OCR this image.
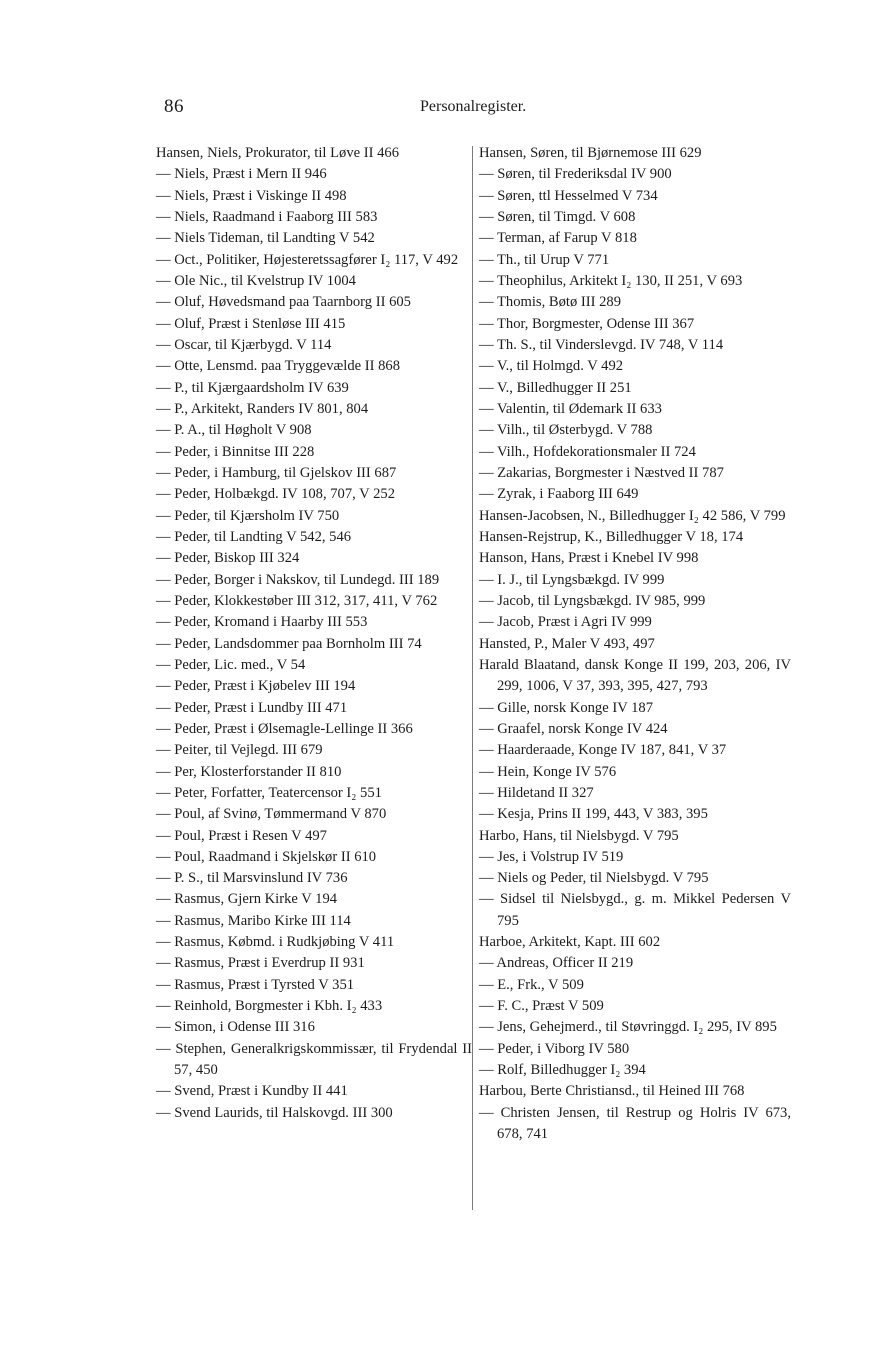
86	Personalregister.
Hansen, Niels, Prokurator, til Løve II 466
— Niels, Præst i Mern II 946
— Niels, Præst i Viskinge II 498
— Niels, Raadmand i Faaborg III 583
— Niels Tideman, til Landting V 542
— Oct., Politiker, Højesteretssagfører I₂ 117, V 492
— Ole Nic., til Kvelstrup IV 1004
— Oluf, Høvedsmand paa Taarnborg II 605
— Oluf, Præst i Stenløse III 415
— Oscar, til Kjærbygd. V 114
— Otte, Lensmd. paa Tryggevælde II 868
— P., til Kjærgaardsholm IV 639
— P., Arkitekt, Randers IV 801, 804
— P. A., til Høgholt V 908
— Peder, i Binnitse III 228
— Peder, i Hamburg, til Gjelskov III 687
— Peder, Holbækgd. IV 108, 707, V 252
— Peder, til Kjærsholm IV 750
— Peder, til Landting V 542, 546
— Peder, Biskop III 324
— Peder, Borger i Nakskov, til Lundegd. III 189
— Peder, Klokkestøber III 312, 317, 411, V 762
— Peder, Kromand i Haarby III 553
— Peder, Landsdommer paa Bornholm III 74
— Peder, Lic. med., V 54
— Peder, Præst i Kjøbelev III 194
— Peder, Præst i Lundby III 471
— Peder, Præst i Ølsemagle-Lellinge II 366
— Peiter, til Vejlegd. III 679
— Per, Klosterforstander II 810
— Peter, Forfatter, Teatercensor I₂ 551
— Poul, af Svinø, Tømmermand V 870
— Poul, Præst i Resen V 497
— Poul, Raadmand i Skjelskør II 610
— P. S., til Marsvinslund IV 736
— Rasmus, Gjern Kirke V 194
— Rasmus, Maribo Kirke III 114
— Rasmus, Købmd. i Rudkjøbing V 411
— Rasmus, Præst i Everdrup II 931
— Rasmus, Præst i Tyrsted V 351
— Reinhold, Borgmester i Kbh. I₂ 433
— Simon, i Odense III 316
— Stephen, Generalkrigskommissær, til Frydendal II 57, 450
— Svend, Præst i Kundby II 441
— Svend Laurids, til Halskovgd. III 300
Hansen, Søren, til Bjørnemose III 629
— Søren, til Frederiksdal IV 900
— Søren, ttl Hesselmed V 734
— Søren, til Timgd. V 608
— Terman, af Farup V 818
— Th., til Urup V 771
— Theophilus, Arkitekt I₂ 130, II 251, V 693
— Thomis, Bøtø III 289
— Thor, Borgmester, Odense III 367
— Th. S., til Vinderslevgd. IV 748, V 114
— V., til Holmgd. V 492
— V., Billedhugger II 251
— Valentin, til Ødemark II 633
— Vilh., til Østerbygd. V 788
— Vilh., Hofdekorationsmaler II 724
— Zakarias, Borgmester i Næstved II 787
— Zyrak, i Faaborg III 649
Hansen-Jacobsen, N., Billedhugger I₂ 42 586, V 799
Hansen-Rejstrup, K., Billedhugger V 18, 174
Hanson, Hans, Præst i Knebel IV 998
— I. J., til Lyngsbækgd. IV 999
— Jacob, til Lyngsbækgd. IV 985, 999
— Jacob, Præst i Agri IV 999
Hansted, P., Maler V 493, 497
Harald Blaatand, dansk Konge II 199, 203, 206, IV 299, 1006, V 37, 393, 395, 427, 793
— Gille, norsk Konge IV 187
— Graafel, norsk Konge IV 424
— Haarderaade, Konge IV 187, 841, V 37
— Hein, Konge IV 576
— Hildetand II 327
— Kesja, Prins II 199, 443, V 383, 395
Harbo, Hans, til Nielsbygd. V 795
— Jes, i Volstrup IV 519
— Niels og Peder, til Nielsbygd. V 795
— Sidsel til Nielsbygd., g. m. Mikkel Pedersen V 795
Harboe, Arkitekt, Kapt. III 602
— Andreas, Officer II 219
— E., Frk., V 509
— F. C., Præst V 509
— Jens, Gehejmerd., til Støvringgd. I₂ 295, IV 895
— Peder, i Viborg IV 580
— Rolf, Billedhugger I₂ 394
Harbou, Berte Christiansd., til Heined III 768
— Christen Jensen, til Restrup og Holris IV 673, 678, 741
